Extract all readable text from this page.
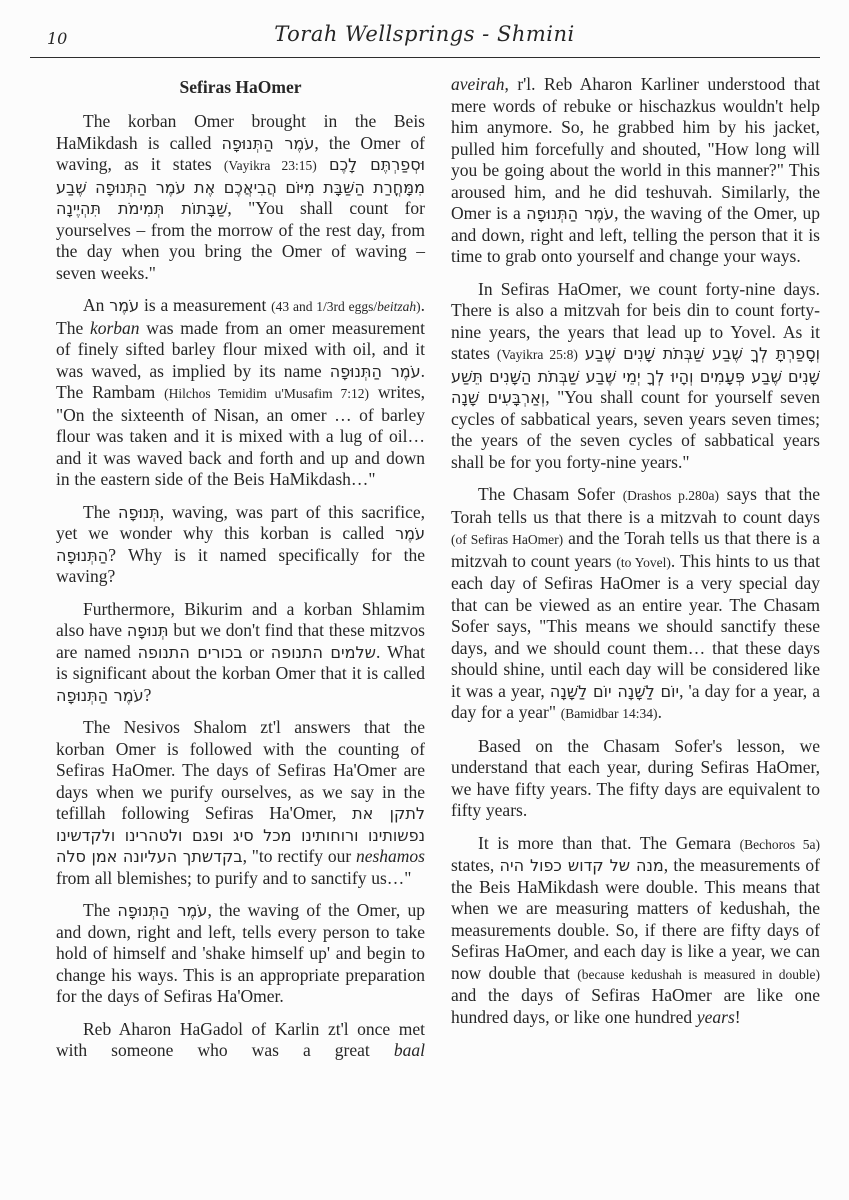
10	Torah Wellsprings - Shmini
Sefiras HaOmer

The korban Omer brought in the Beis HaMikdash is called עֹמֶר הַתְּנוּפָה, the Omer of waving, as it states (Vayikra 23:15) וּסְפַרְתֶּם לָכֶם מִמָּחֳרַת הַשַּׁבָּת מִיּוֹם הֲבִיאֲכֶם אֶת עֹמֶר הַתְּנוּפָה שֶׁבַע שַׁבָּתוֹת תְּמִימֹת תִּהְיֶינָה, "You shall count for yourselves – from the morrow of the rest day, from the day when you bring the Omer of waving – seven weeks."

An עֹמֶר is a measurement (43 and 1/3rd eggs/beitzah). The korban was made from an omer measurement of finely sifted barley flour mixed with oil, and it was waved, as implied by its name עֹמֶר הַתְּנוּפָה. The Rambam (Hilchos Temidim u'Musafim 7:12) writes, "On the sixteenth of Nisan, an omer … of barley flour was taken and it is mixed with a lug of oil… and it was waved back and forth and up and down in the eastern side of the Beis HaMikdash…"

The תְּנוּפָה, waving, was part of this sacrifice, yet we wonder why this korban is called עֹמֶר הַתְּנוּפָה? Why is it named specifically for the waving?

Furthermore, Bikurim and a korban Shlamim also have תְּנוּפָה but we don't find that these mitzvos are named בכורים התנופה or שלמים התנופה. What is significant about the korban Omer that it is called עֹמֶר הַתְּנוּפָה?

The Nesivos Shalom zt'l answers that the korban Omer is followed with the counting of Sefiras HaOmer. The days of Sefiras Ha'Omer are days when we purify ourselves, as we say in the tefillah following Sefiras Ha'Omer, לתקן את נפשותינו ורוחותינו מכל סיג ופגם ולטהרינו ולקדשינו בקדשתך העליונה אמן סלה, "to rectify our neshamos from all blemishes; to purify and to sanctify us…"

The עֹמֶר הַתְּנוּפָה, the waving of the Omer, up and down, right and left, tells every person to take hold of himself and 'shake himself up' and begin to change his ways. This is an appropriate preparation for the days of Sefiras Ha'Omer.

Reb Aharon HaGadol of Karlin zt'l once met with someone who was a great baal

aveirah, r'l. Reb Aharon Karliner understood that mere words of rebuke or hischazkus wouldn't help him anymore. So, he grabbed him by his jacket, pulled him forcefully and shouted, "How long will you be going about the world in this manner?" This aroused him, and he did teshuvah. Similarly, the Omer is a עֹמֶר הַתְּנוּפָה, the waving of the Omer, up and down, right and left, telling the person that it is time to grab onto yourself and change your ways.

In Sefiras HaOmer, we count forty-nine days. There is also a mitzvah for beis din to count forty-nine years, the years that lead up to Yovel. As it states (Vayikra 25:8) וְסָפַרְתָּ לְךָ שֶׁבַע שַׁבְּתֹת שָׁנִים שֶׁבַע שָׁנִים שֶׁבַע פְּעָמִים וְהָיוּ לְךָ יְמֵי שֶׁבַע שַׁבְּתֹת הַשָּׁנִים תֵּשַׁע וְאַרְבָּעִים שָׁנָה, "You shall count for yourself seven cycles of sabbatical years, seven years seven times; the years of the seven cycles of sabbatical years shall be for you forty-nine years."

The Chasam Sofer (Drashos p.280a) says that the Torah tells us that there is a mitzvah to count days (of Sefiras HaOmer) and the Torah tells us that there is a mitzvah to count years (to Yovel). This hints to us that each day of Sefiras HaOmer is a very special day that can be viewed as an entire year. The Chasam Sofer says, "This means we should sanctify these days, and we should count them… that these days should shine, until each day will be considered like it was a year, יוֹם לַשָּׁנָה יוֹם לַשָּׁנָה, 'a day for a year, a day for a year" (Bamidbar 14:34).

Based on the Chasam Sofer's lesson, we understand that each year, during Sefiras HaOmer, we have fifty years. The fifty days are equivalent to fifty years.

It is more than that. The Gemara (Bechoros 5a) states, מנה של קדוש כפול היה, the measurements of the Beis HaMikdash were double. This means that when we are measuring matters of kedushah, the measurements double. So, if there are fifty days of Sefiras HaOmer, and each day is like a year, we can now double that (because kedushah is measured in double) and the days of Sefiras HaOmer are like one hundred days, or like one hundred years!
